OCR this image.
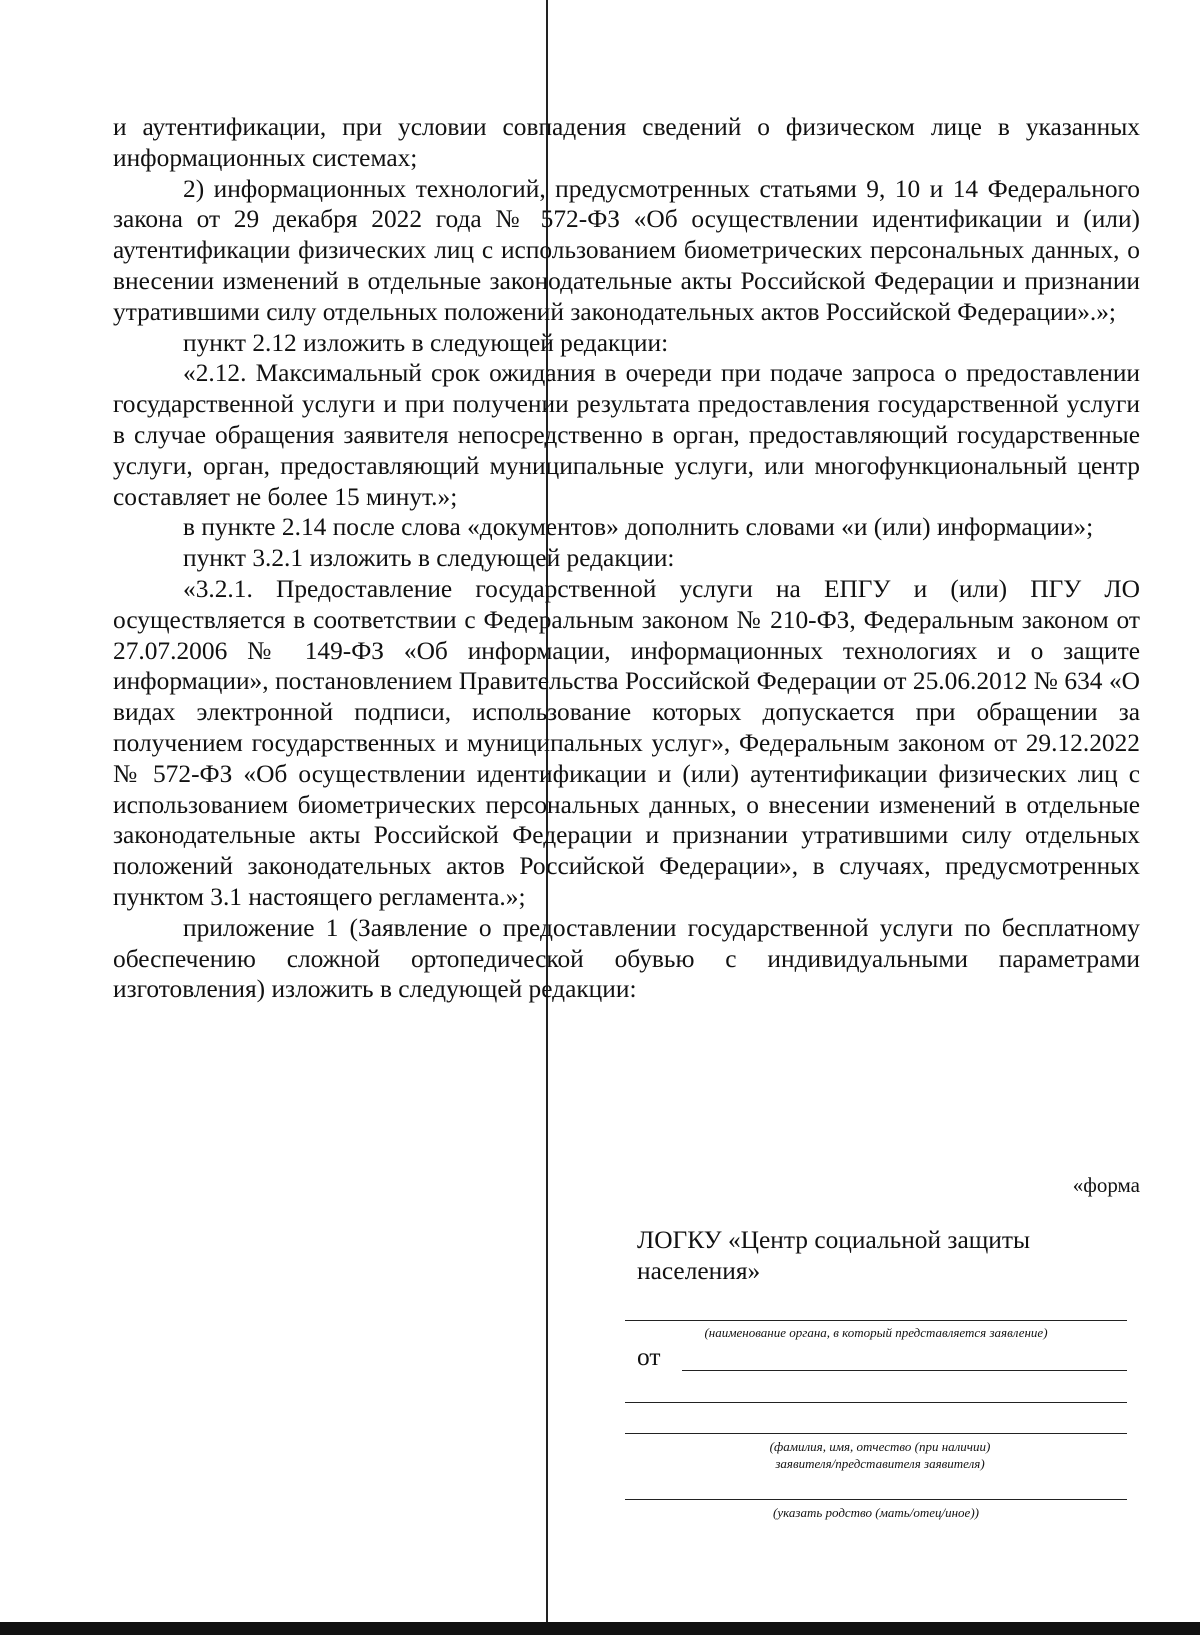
и аутентификации, при условии совпадения сведений о физическом лице в указанных информационных системах;

2) информационных технологий, предусмотренных статьями 9, 10 и 14 Федерального закона от 29 декабря 2022 года № 572-ФЗ «Об осуществлении идентификации и (или) аутентификации физических лиц с использованием биометрических персональных данных, о внесении изменений в отдельные законодательные акты Российской Федерации и признании утратившими силу отдельных положений законодательных актов Российской Федерации».»;

пункт 2.12 изложить в следующей редакции:

«2.12. Максимальный срок ожидания в очереди при подаче запроса о предоставлении государственной услуги и при получении результата предоставления государственной услуги в случае обращения заявителя непосредственно в орган, предоставляющий государственные услуги, орган, предоставляющий муниципальные услуги, или многофункциональный центр составляет не более 15 минут.»;

в пункте 2.14 после слова «документов» дополнить словами «и (или) информации»;

пункт 3.2.1 изложить в следующей редакции:

«3.2.1. Предоставление государственной услуги на ЕПГУ и (или) ПГУ ЛО осуществляется в соответствии с Федеральным законом № 210-ФЗ, Федеральным законом от 27.07.2006 № 149-ФЗ «Об информации, информационных технологиях и о защите информации», постановлением Правительства Российской Федерации от 25.06.2012 № 634 «О видах электронной подписи, использование которых допускается при обращении за получением государственных и муниципальных услуг», Федеральным законом от 29.12.2022 № 572-ФЗ «Об осуществлении идентификации и (или) аутентификации физических лиц с использованием биометрических персональных данных, о внесении изменений в отдельные законодательные акты Российской Федерации и признании утратившими силу отдельных положений законодательных актов Российской Федерации», в случаях, предусмотренных пунктом 3.1 настоящего регламента.»;

приложение 1 (Заявление о предоставлении государственной услуги по бесплатному обеспечению сложной ортопедической обувью с индивидуальными параметрами изготовления) изложить в следующей редакции:

«форма
ЛОГКУ «Центр социальной защиты населения»
(наименование органа, в который представляется заявление)
от
(фамилия, имя, отчество (при наличии)
заявителя/представителя заявителя)
(указать родство (мать/отец/иное))
